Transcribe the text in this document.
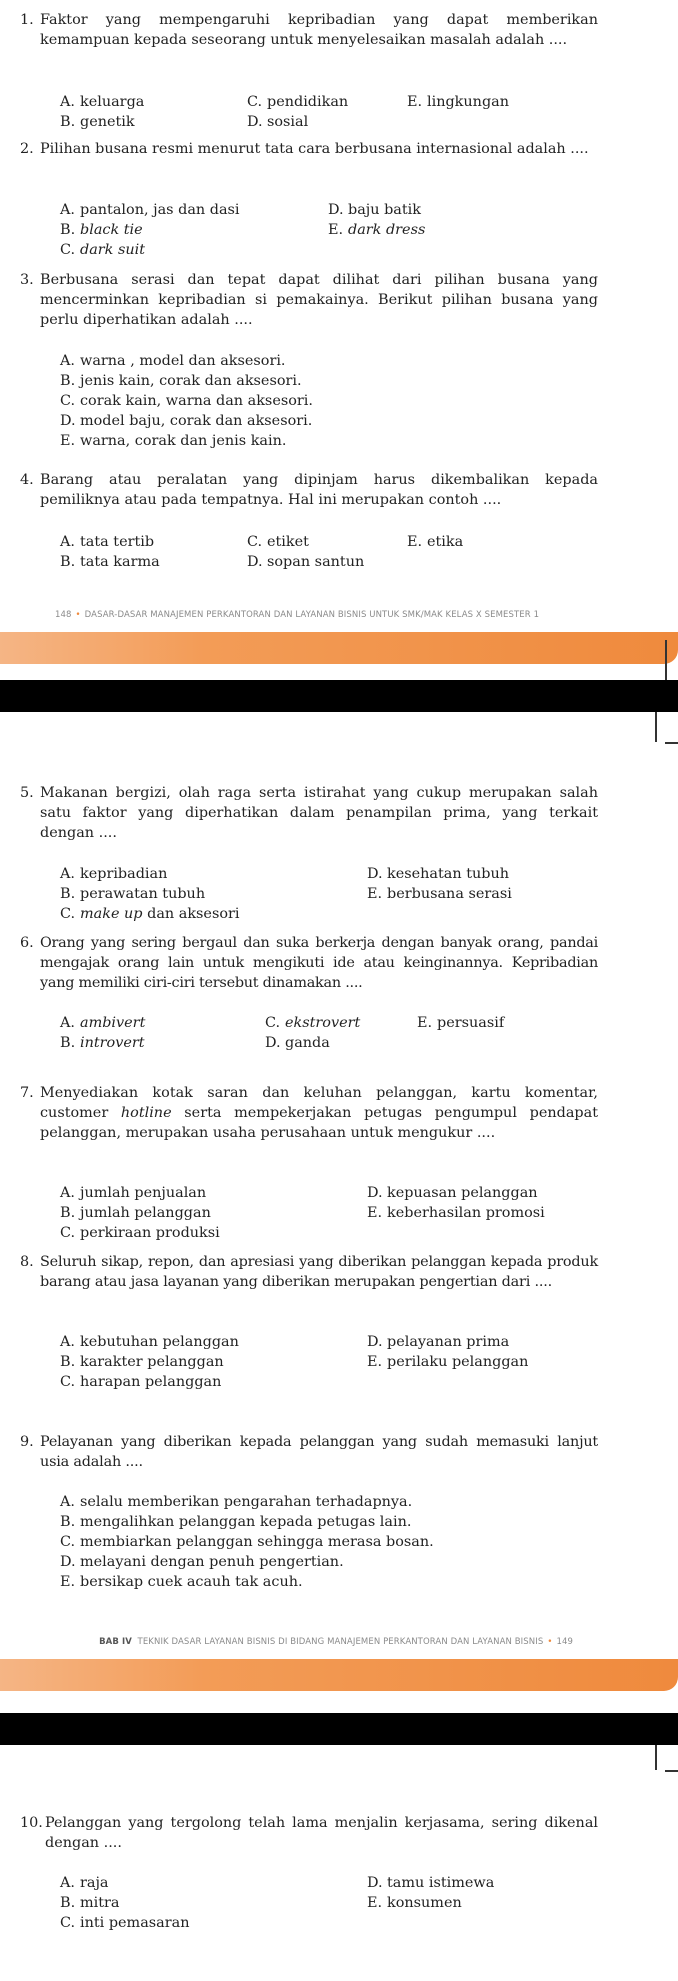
1. Faktor yang mempengaruhi kepribadian yang dapat memberikan kemampuan kepada seseorang untuk menyelesaikan masalah adalah ....
A. keluarga
B. genetik
C. pendidikan
D. sosial
E. lingkungan
2. Pilihan busana resmi menurut tata cara berbusana internasional adalah ....
A. pantalon, jas dan dasi
B. black tie
C. dark suit
D. baju batik
E. dark dress
3. Berbusana serasi dan tepat dapat dilihat dari pilihan busana yang mencerminkan kepribadian si pemakainya. Berikut pilihan busana yang perlu diperhatikan adalah ....
A. warna , model dan aksesori.
B. jenis kain, corak dan aksesori.
C. corak kain, warna dan aksesori.
D. model baju, corak dan aksesori.
E. warna, corak dan jenis kain.
4. Barang atau peralatan yang dipinjam harus dikembalikan kepada pemiliknya atau pada tempatnya. Hal ini merupakan contoh ....
A. tata tertib
B. tata karma
C. etiket
D. sopan santun
E. etika
148 • DASAR-DASAR MANAJEMEN PERKANTORAN DAN LAYANAN BISNIS UNTUK SMK/MAK KELAS X SEMESTER 1
5. Makanan bergizi, olah raga serta istirahat yang cukup merupakan salah satu faktor yang diperhatikan dalam penampilan prima, yang terkait dengan ....
A. kepribadian
B. perawatan tubuh
C. make up dan aksesori
D. kesehatan tubuh
E. berbusana serasi
6. Orang yang sering bergaul dan suka berkerja dengan banyak orang, pandai mengajak orang lain untuk mengikuti ide atau keinginannya. Kepribadian yang memiliki ciri-ciri tersebut dinamakan ....
A. ambivert
B. introvert
C. ekstrovert
D. ganda
E. persuasif
7. Menyediakan kotak saran dan keluhan pelanggan, kartu komentar, customer hotline serta mempekerjakan petugas pengumpul pendapat pelanggan, merupakan usaha perusahaan untuk mengukur ....
A. jumlah penjualan
B. jumlah pelanggan
C. perkiraan produksi
D. kepuasan pelanggan
E. keberhasilan promosi
8. Seluruh sikap, repon, dan apresiasi yang diberikan pelanggan kepada produk barang atau jasa layanan yang diberikan merupakan pengertian dari ....
A. kebutuhan pelanggan
B. karakter pelanggan
C. harapan pelanggan
D. pelayanan prima
E. perilaku pelanggan
9. Pelayanan yang diberikan kepada pelanggan yang sudah memasuki lanjut usia adalah ....
A. selalu memberikan pengarahan terhadapnya.
B. mengalihkan pelanggan kepada petugas lain.
C. membiarkan pelanggan sehingga merasa bosan.
D. melayani dengan penuh pengertian.
E. bersikap cuek acauh tak acuh.
BAB IV TEKNIK DASAR LAYANAN BISNIS DI BIDANG MANAJEMEN PERKANTORAN DAN LAYANAN BISNIS • 149
10. Pelanggan yang tergolong telah lama menjalin kerjasama, sering dikenal dengan ....
A. raja
B. mitra
C. inti pemasaran
D. tamu istimewa
E. konsumen
